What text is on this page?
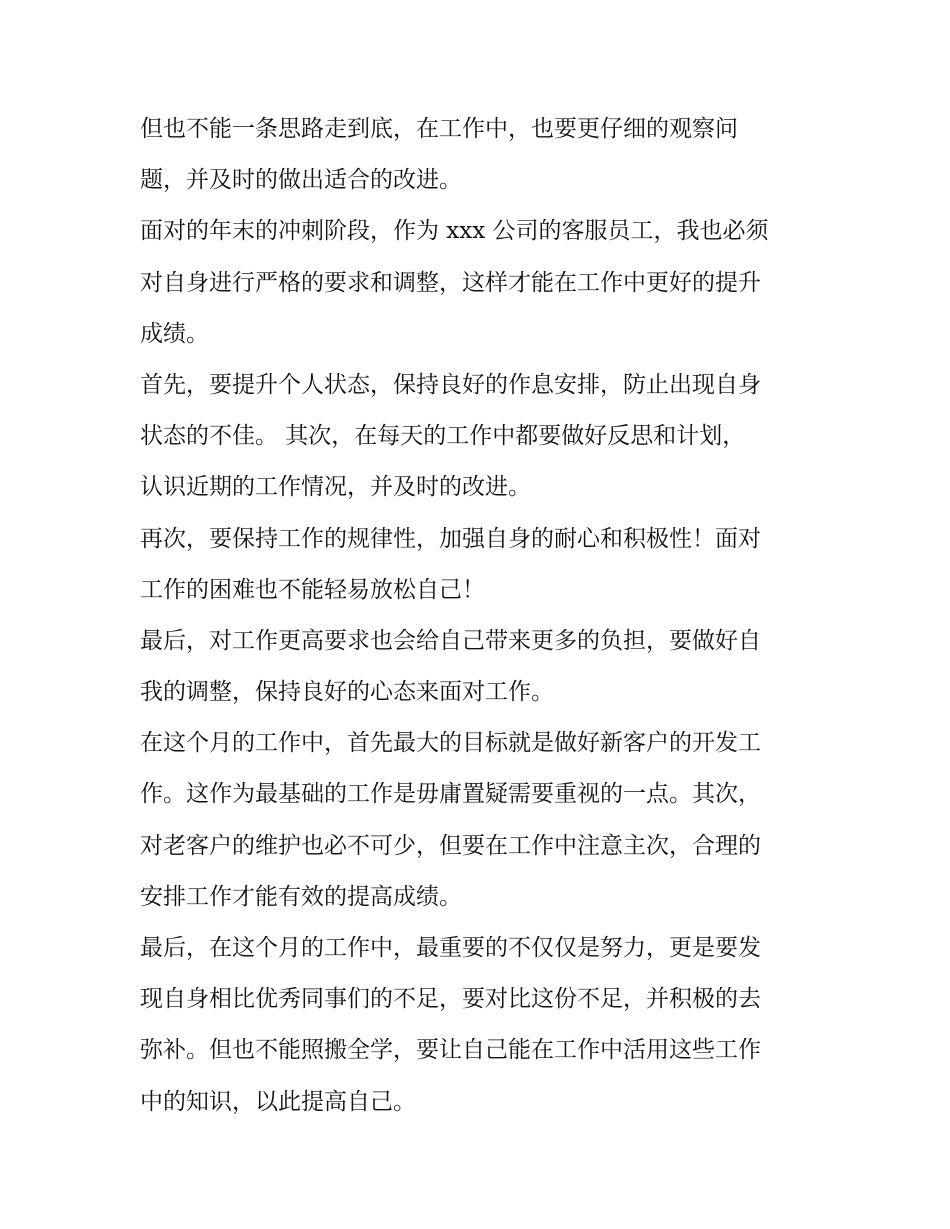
但也不能一条思路走到底，在工作中，也要更仔细的观察问
题，并及时的做出适合的改进。
面对的年末的冲刺阶段，作为 xxx 公司的客服员工，我也必须
对自身进行严格的要求和调整，这样才能在工作中更好的提升
成绩。
首先，要提升个人状态，保持良好的作息安排，防止出现自身
状态的不佳。 其次，在每天的工作中都要做好反思和计划，
认识近期的工作情况，并及时的改进。
再次，要保持工作的规律性，加强自身的耐心和积极性！面对
工作的困难也不能轻易放松自己！
最后，对工作更高要求也会给自己带来更多的负担，要做好自
我的调整，保持良好的心态来面对工作。
在这个月的工作中，首先最大的目标就是做好新客户的开发工
作。这作为最基础的工作是毋庸置疑需要重视的一点。其次，
对老客户的维护也必不可少，但要在工作中注意主次，合理的
安排工作才能有效的提高成绩。
最后，在这个月的工作中，最重要的不仅仅是努力，更是要发
现自身相比优秀同事们的不足，要对比这份不足，并积极的去
弥补。但也不能照搬全学，要让自己能在工作中活用这些工作
中的知识，以此提高自己。
